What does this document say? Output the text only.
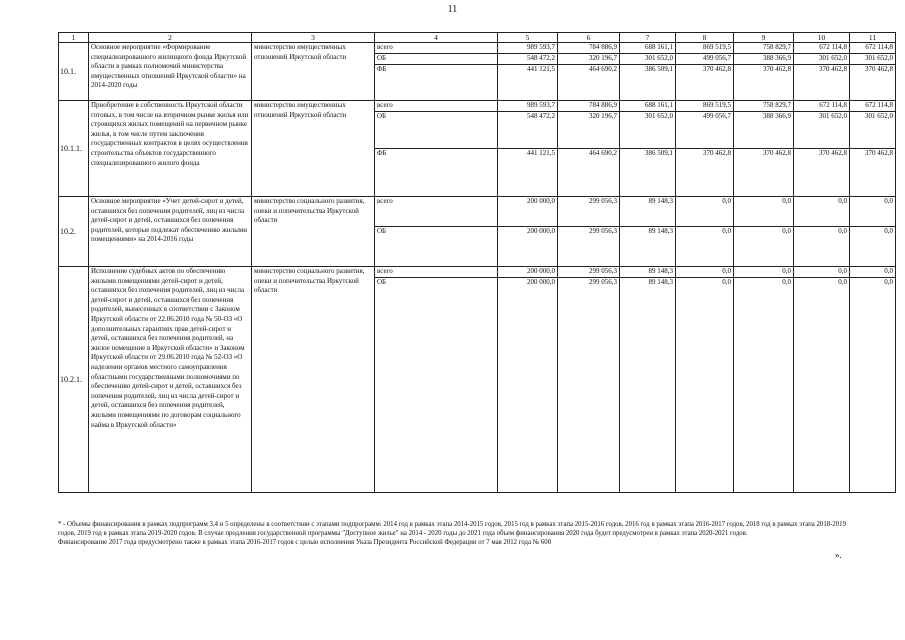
11
1	2	3	4	5	6	7	8	9	10	11
10.1.	Основное мероприятие «Формирование специализированного жилищного фонда Иркутской области в рамках полномочий министерства имущественных отношений Иркутской области» на 2014-2020 годы	министерство имущественных отношений Иркутской области	всего	989 593,7	784 886,9	688 161,1	869 519,5	758 829,7	672 114,8	672 114,8
			ОБ	548 472,2	320 196,7	301 652,0	499 056,7	388 366,9	301 652,0	301 652,0
			ФБ	441 121,5	464 690,2	386 509,1	370 462,8	370 462,8	370 462,8	370 462,8
10.1.1.	Приобретение в собственность Иркутской области готовых, в том числе на вторичном рынке жилья или строящихся жилых помещений на первичном рынке жилья, в том числе путем заключения государственных контрактов в целях осуществления строительства объектов государственного специализированного жилого фонда	министерство имущественных отношений Иркутской области	всего	989 593,7	784 886,9	688 161,1	869 519,5	758 829,7	672 114,8	672 114,8
			ОБ	548 472,2	320 196,7	301 652,0	499 056,7	388 366,9	301 652,0	301 652,0
			ФБ	441 121,5	464 690,2	386 509,1	370 462,8	370 462,8	370 462,8	370 462,8
10.2.	Основное мероприятие «Учет детей-сирот и детей, оставшихся без попечения родителей, лиц из числа детей-сирот и детей, оставшихся без попечения родителей, которые подлежат обеспечению жилыми помещениями» на 2014-2016 годы	министерство социального развития, опеки и попечительства Иркутской области	всего	200 000,0	299 056,3	89 148,3	0,0	0,0	0,0	0,0
			ОБ	200 000,0	299 056,3	89 148,3	0,0	0,0	0,0	0,0
10.2.1.	Исполнение судебных актов по обеспечению жилыми помещениями детей-сирот и детей, оставшихся без попечения родителей, лиц из числа детей-сирот и детей, оставшихся без попечения родителей, вынесенных в соответствии с Законом Иркутской области от 22.06.2010 года № 50-ОЗ «О дополнительных гарантиях прав детей-сирот и детей, оставшихся без попечения родителей, на жилое помещение в Иркутской области» и Законом Иркутской области от 29.06.2010 года № 52-ОЗ «О наделении органов местного самоуправления областными государственными полномочиями по обеспечению детей-сирот и детей, оставшихся без попечения родителей, лиц из числа детей-сирот и детей, оставшихся без попечения родителей, жилыми помещениями по договорам социального найма в Иркутской области»	министерство социального развития, опеки и попечительства Иркутской области	всего	200 000,0	299 056,3	89 148,3	0,0	0,0	0,0	0,0
			ОБ	200 000,0	299 056,3	89 148,3	0,0	0,0	0,0	0,0

* - Объемы финансирования в рамках подпрограмм 3,4 и 5 определены в соответствии с этапами подпрограмм: 2014 год в рамках этапа 2014-2015 годов, 2015 год в рамках этапа 2015-2016 годов, 2016 год в рамках этапа 2016-2017 годов, 2018 год в рамках этапа 2018-2019 годов, 2019 год в рамках этапа 2019-2020 годов. В случае продления государственной программы "Доступное жилье" на 2014 - 2020 годы до 2021 года объем финансирования 2020 года будет предусмотрен в рамках этапа 2020-2021 годов.

Финансирование 2017 года предусмотрено также в рамках этапа 2016-2017 годов с целью исполнения Указа Президента Российской Федерации от 7 мая 2012 года № 600

».
